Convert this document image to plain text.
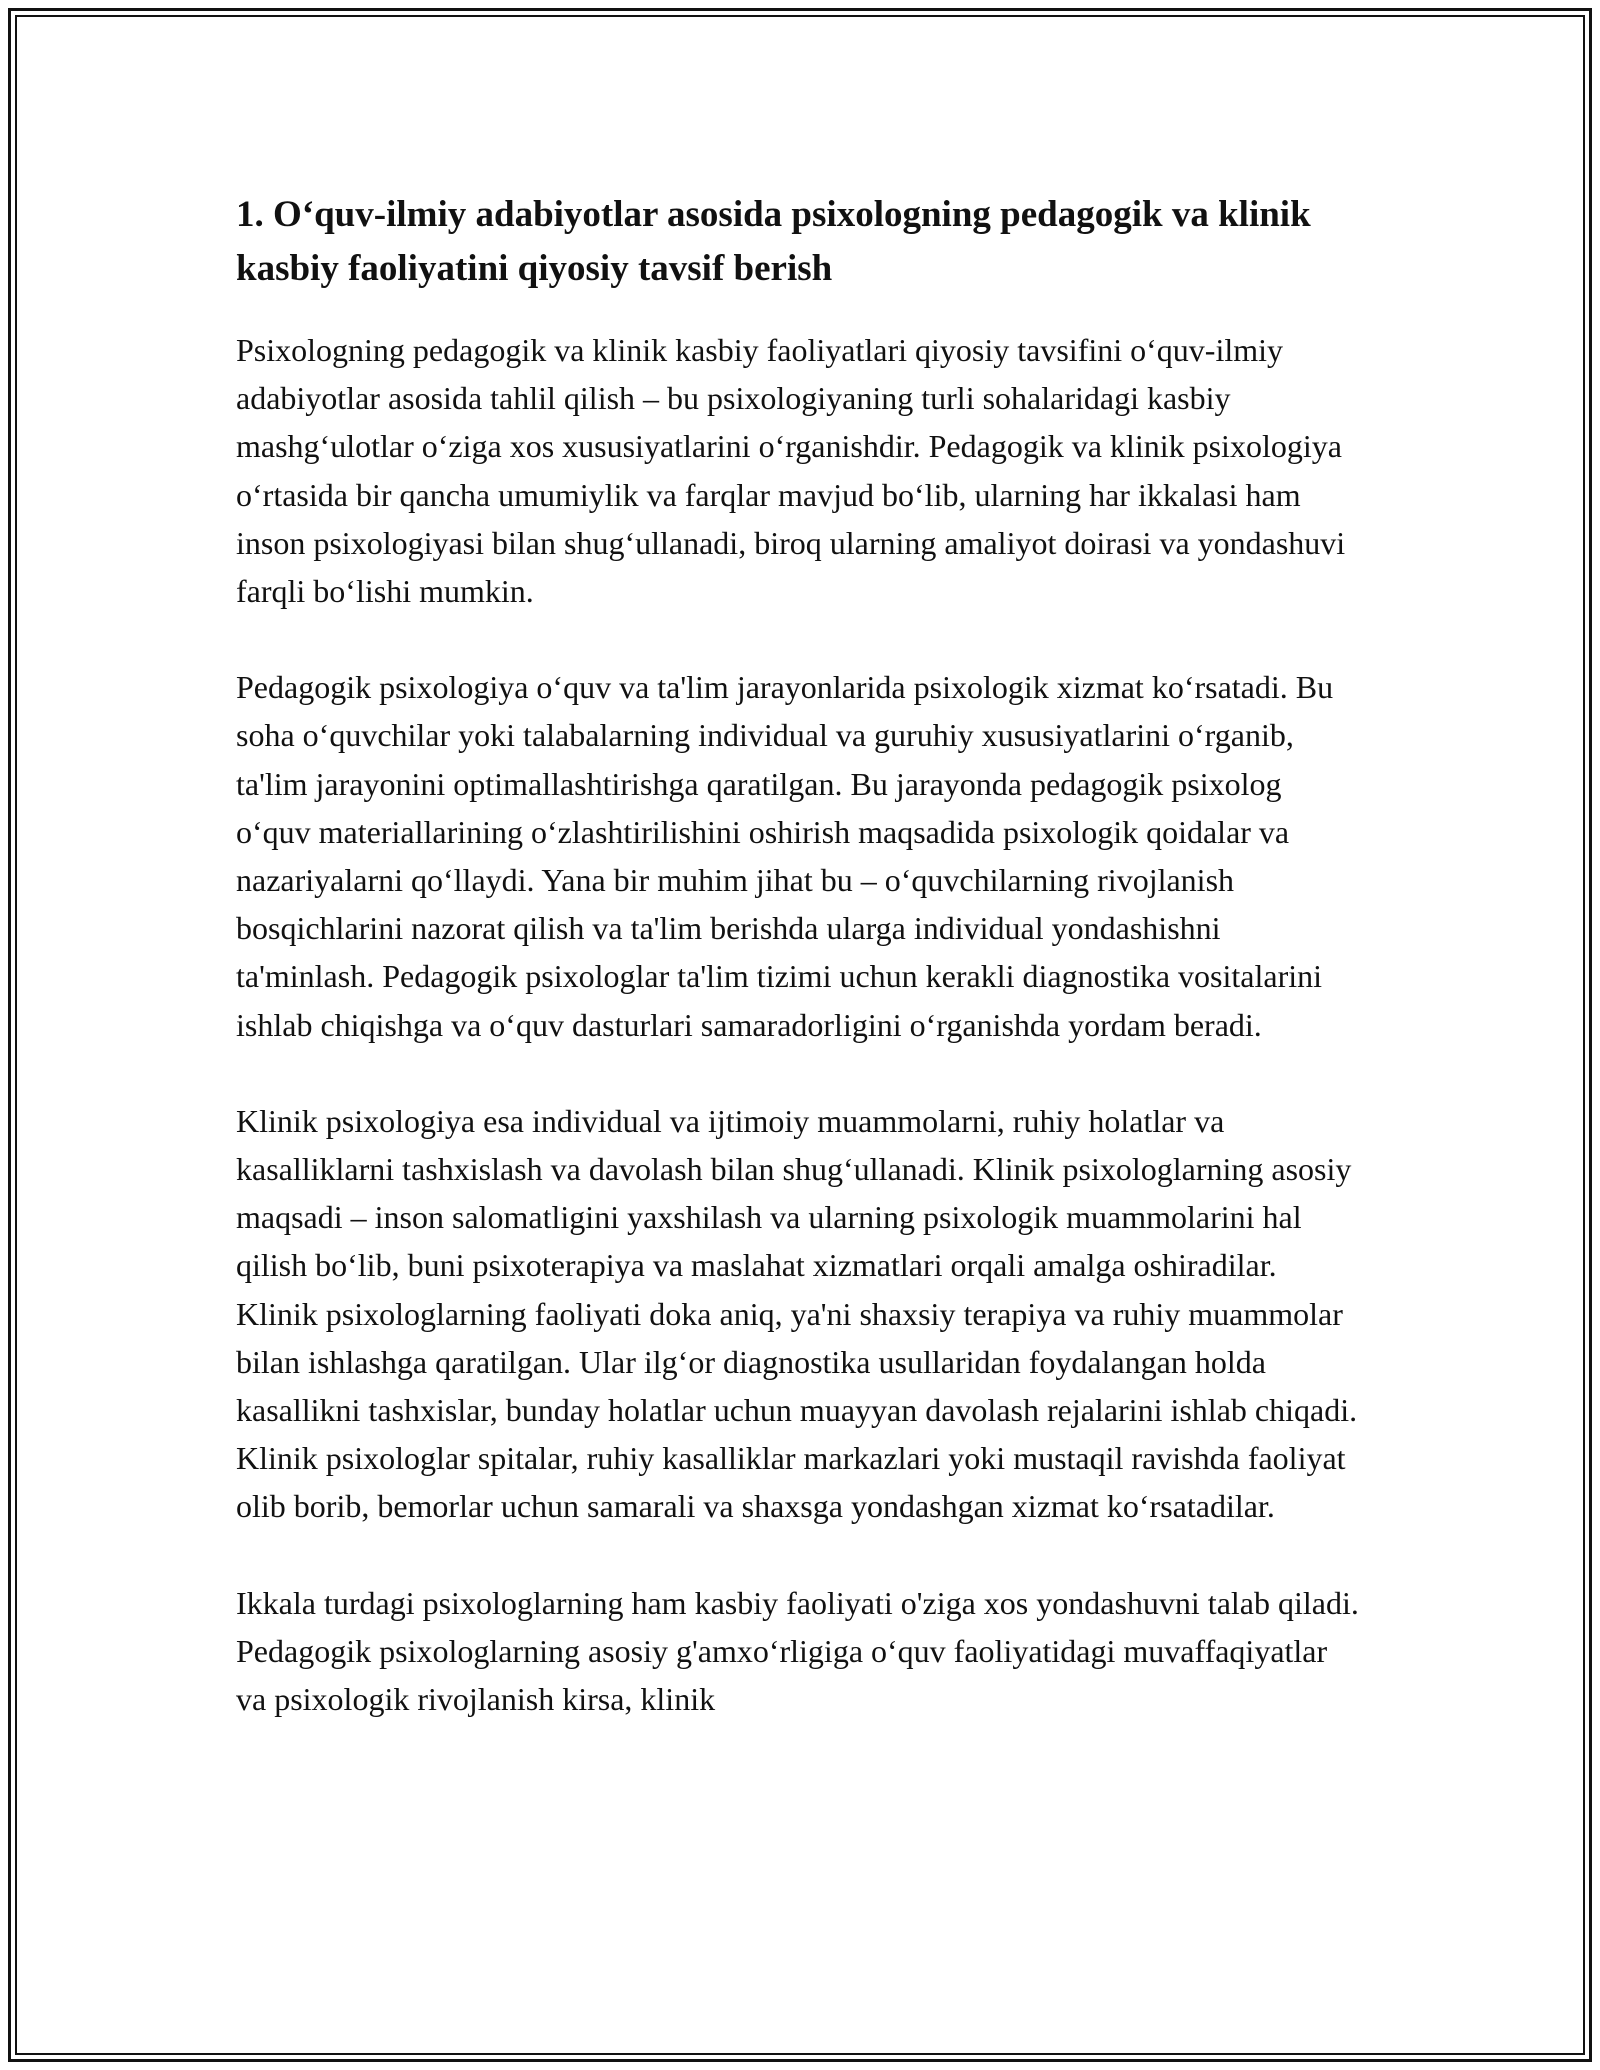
1. Oʻquv-ilmiy adabiyotlar asosida psixologning pedagogik va klinik kasbiy faoliyatini qiyosiy tavsif berish

Psixologning pedagogik va klinik kasbiy faoliyatlari qiyosiy tavsifini oʻquv-ilmiy adabiyotlar asosida tahlil qilish – bu psixologiyaning turli sohalaridagi kasbiy mashgʻulotlar oʻziga xos xususiyatlarini oʻrganishdir. Pedagogik va klinik psixologiya oʻrtasida bir qancha umumiylik va farqlar mavjud boʻlib, ularning har ikkalasi ham inson psixologiyasi bilan shugʻullanadi, biroq ularning amaliyot doirasi va yondashuvi farqli boʻlishi mumkin.

Pedagogik psixologiya oʻquv va ta'lim jarayonlarida psixologik xizmat koʻrsatadi. Bu soha oʻquvchilar yoki talabalarning individual va guruhiy xususiyatlarini oʻrganib, ta'lim jarayonini optimallashtirishga qaratilgan. Bu jarayonda pedagogik psixolog oʻquv materiallarining oʻzlashtirilishini oshirish maqsadida psixologik qoidalar va nazariyalarni qoʻllaydi. Yana bir muhim jihat bu – oʻquvchilarning rivojlanish bosqichlarini nazorat qilish va ta'lim berishda ularga individual yondashishni ta'minlash. Pedagogik psixologlar ta'lim tizimi uchun kerakli diagnostika vositalarini ishlab chiqishga va oʻquv dasturlari samaradorligini oʻrganishda yordam beradi.

Klinik psixologiya esa individual va ijtimoiy muammolarni, ruhiy holatlar va kasalliklarni tashxislash va davolash bilan shugʻullanadi. Klinik psixologlarning asosiy maqsadi – inson salomatligini yaxshilash va ularning psixologik muammolarini hal qilish boʻlib, buni psixoterapiya va maslahat xizmatlari orqali amalga oshiradilar. Klinik psixologlarning faoliyati doka aniq, ya'ni shaxsiy terapiya va ruhiy muammolar bilan ishlashga qaratilgan. Ular ilgʻor diagnostika usullaridan foydalangan holda kasallikni tashxislar, bunday holatlar uchun muayyan davolash rejalarini ishlab chiqadi. Klinik psixologlar spitalar, ruhiy kasalliklar markazlari yoki mustaqil ravishda faoliyat olib borib, bemorlar uchun samarali va shaxsga yondashgan xizmat koʻrsatadilar.

Ikkala turdagi psixologlarning ham kasbiy faoliyati o'ziga xos yondashuvni talab qiladi. Pedagogik psixologlarning asosiy g'amxoʻrligiga oʻquv faoliyatidagi muvaffaqiyatlar va psixologik rivojlanish kirsa, klinik
